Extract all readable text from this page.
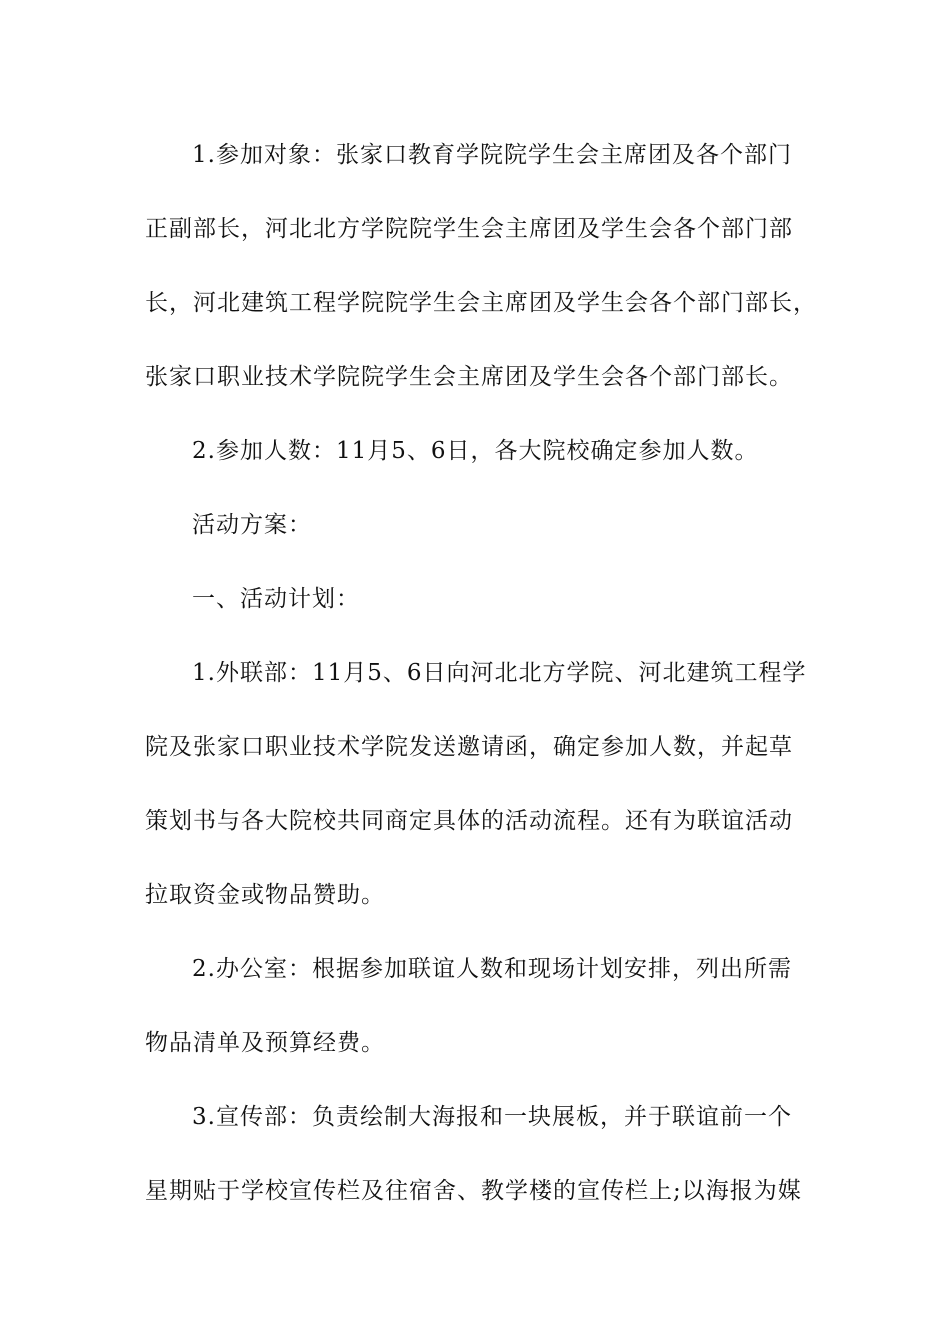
1.参加对象：张家口教育学院院学生会主席团及各个部门
正副部长，河北北方学院院学生会主席团及学生会各个部门部
长，河北建筑工程学院院学生会主席团及学生会各个部门部长，
张家口职业技术学院院学生会主席团及学生会各个部门部长。
2.参加人数：11月5、6日，各大院校确定参加人数。
活动方案：
一、活动计划：
1.外联部：11月5、6日向河北北方学院、河北建筑工程学
院及张家口职业技术学院发送邀请函，确定参加人数，并起草
策划书与各大院校共同商定具体的活动流程。还有为联谊活动
拉取资金或物品赞助。
2.办公室：根据参加联谊人数和现场计划安排，列出所需
物品清单及预算经费。
3.宣传部：负责绘制大海报和一块展板，并于联谊前一个
星期贴于学校宣传栏及往宿舍、教学楼的宣传栏上;以海报为媒
